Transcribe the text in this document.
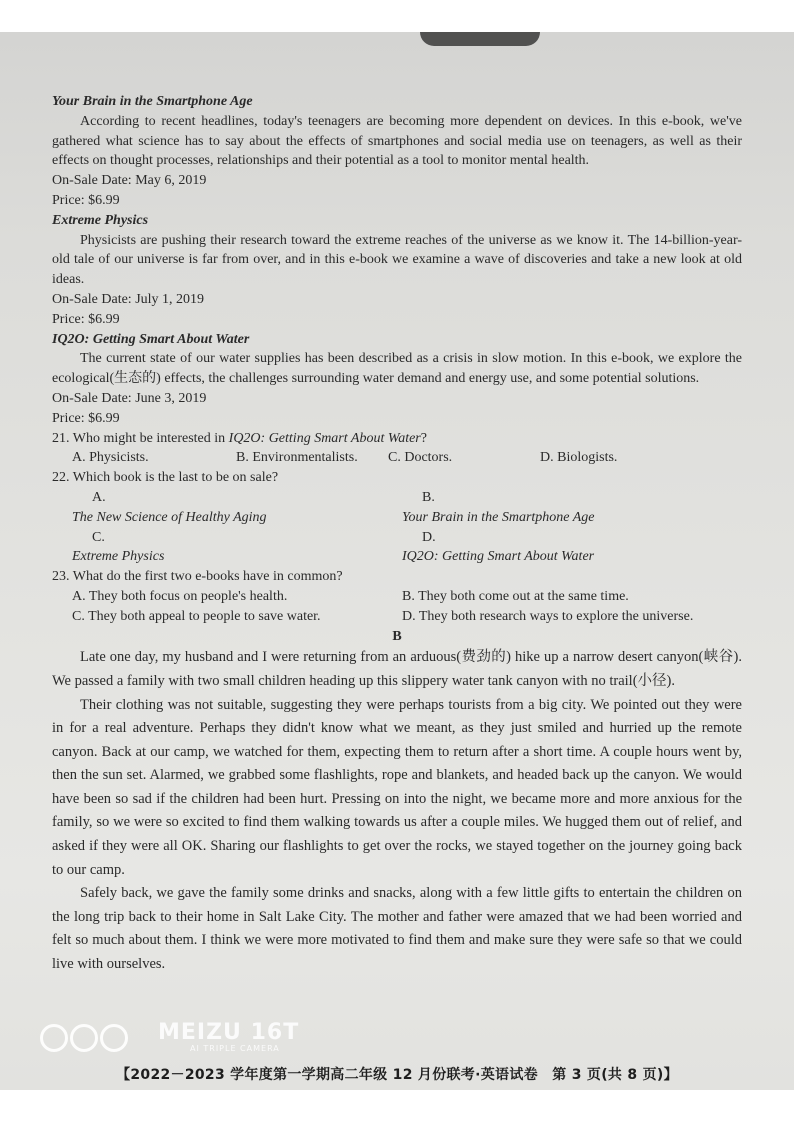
Your Brain in the Smartphone Age

According to recent headlines, today's teenagers are becoming more dependent on devices. In this e-book, we've gathered what science has to say about the effects of smartphones and social media use on teenagers, as well as their effects on thought processes, relationships and their potential as a tool to monitor mental health.

On-Sale Date: May 6, 2019

Price: $6.99

Extreme Physics

Physicists are pushing their research toward the extreme reaches of the universe as we know it. The 14-billion-year-old tale of our universe is far from over, and in this e-book we examine a wave of discoveries and take a new look at old ideas.

On-Sale Date: July 1, 2019

Price: $6.99

IQ2O: Getting Smart About Water

The current state of our water supplies has been described as a crisis in slow motion. In this e-book, we explore the ecological(生态的) effects, the challenges surrounding water demand and energy use, and some potential solutions.

On-Sale Date: June 3, 2019

Price: $6.99

21. Who might be interested in IQ2O: Getting Smart About Water?

A. Physicists.	B. Environmentalists.	C. Doctors.	D. Biologists.

22. Which book is the last to be on sale?

A.The New Science of Healthy Aging
B.Your Brain in the Smartphone Age
C.Extreme Physics
D.IQ2O: Getting Smart About Water

23. What do the first two e-books have in common?

A. They both focus on people's health.	B. They both come out at the same time.
C. They both appeal to people to save water.	D. They both research ways to explore the universe.

B

Late one day, my husband and I were returning from an arduous(费劲的) hike up a narrow desert canyon(峡谷). We passed a family with two small children heading up this slippery water tank canyon with no trail(小径).

Their clothing was not suitable, suggesting they were perhaps tourists from a big city. We pointed out they were in for a real adventure. Perhaps they didn't know what we meant, as they just smiled and hurried up the remote canyon. Back at our camp, we watched for them, expecting them to return after a short time. A couple hours went by, then the sun set. Alarmed, we grabbed some flashlights, rope and blankets, and headed back up the canyon. We would have been so sad if the children had been hurt. Pressing on into the night, we became more and more anxious for the family, so we were so excited to find them walking towards us after a couple miles. We hugged them out of relief, and asked if they were all OK. Sharing our flashlights to get over the rocks, we stayed together on the journey going back to our camp.

Safely back, we gave the family some drinks and snacks, along with a few little gifts to entertain the children on the long trip back to their home in Salt Lake City. The mother and father were amazed that we had been worried and felt so much about them. I think we were more motivated to find them and make sure they were safe so that we could live with ourselves.

MEIZU 16T
AI TRIPLE CAMERA
【2022－2023 学年度第一学期高二年级 12 月份联考·英语试卷　第 3 页(共 8 页)】
